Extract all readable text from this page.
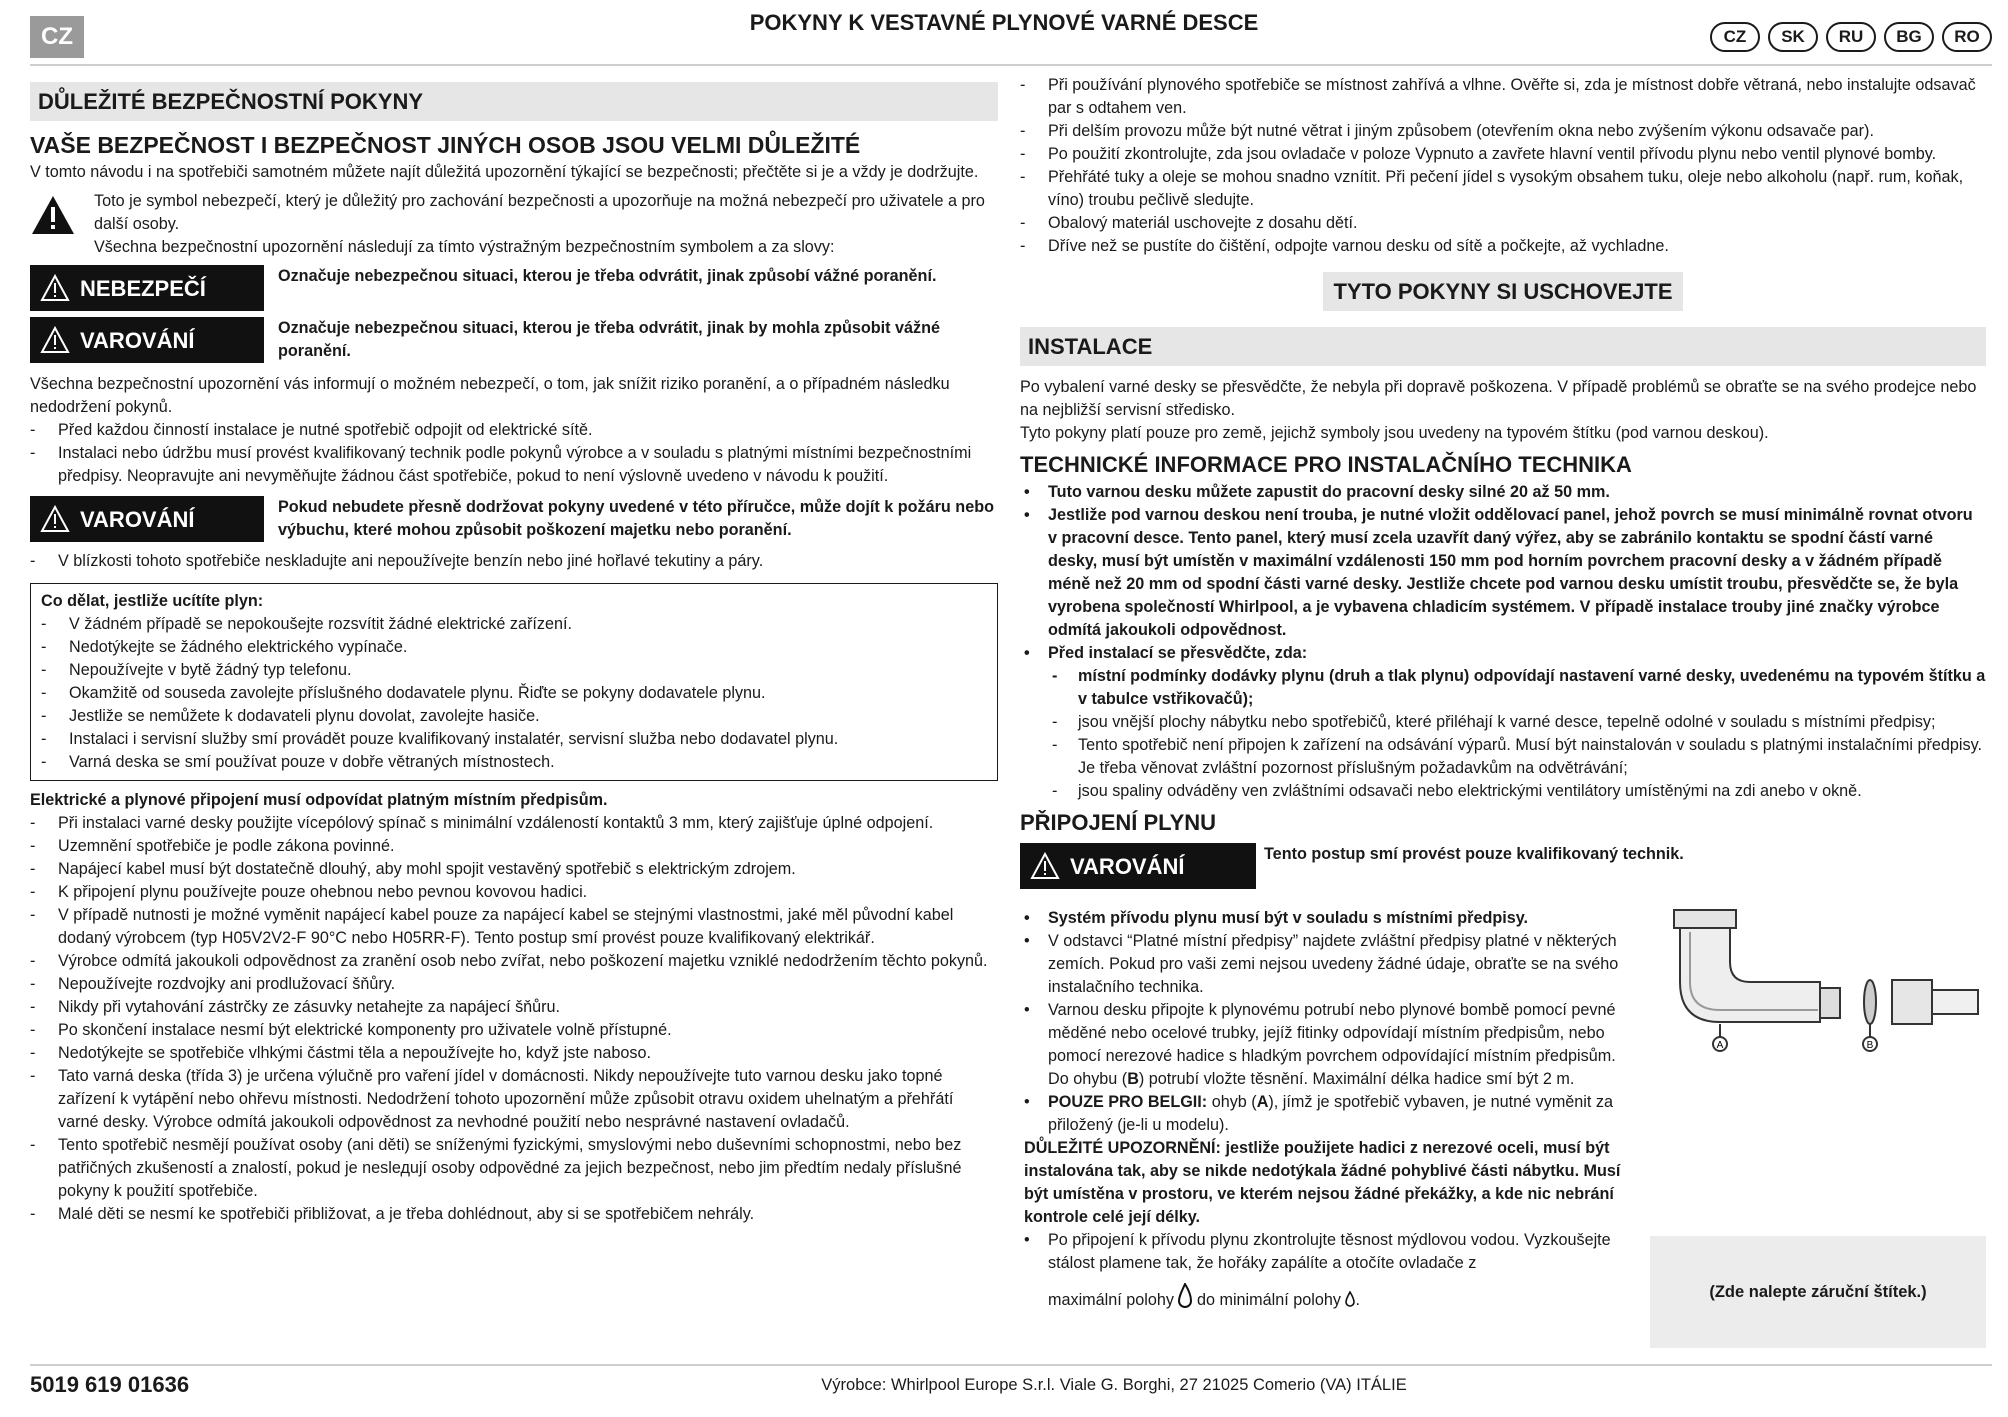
CZ
POKYNY K VESTAVNÉ PLYNOVÉ VARNÉ DESCE
CZ	SK	RU	BG	RO
DŮLEŽITÉ BEZPEČNOSTNÍ POKYNY
VAŠE BEZPEČNOST I BEZPEČNOST JINÝCH OSOB JSOU VELMI DŮLEŽITÉ

V tomto návodu i na spotřebiči samotném můžete najít důležitá upozornění týkající se bezpečnosti; přečtěte si je a vždy je dodržujte.

Toto je symbol nebezpečí, který je důležitý pro zachování bezpečnosti a upozorňuje na možná nebezpečí pro uživatele a pro další osoby.

Všechna bezpečnostní upozornění následují za tímto výstražným bezpečnostním symbolem a za slovy:

NEBEZPEČÍ	Označuje nebezpečnou situaci, kterou je třeba odvrátit, jinak způsobí vážné poranění.
VAROVÁNÍ	Označuje nebezpečnou situaci, kterou je třeba odvrátit, jinak by mohla způsobit vážné poranění.

Všechna bezpečnostní upozornění vás informují o možném nebezpečí, o tom, jak snížit riziko poranění, a o případném následku nedodržení pokynů.

- Před každou činností instalace je nutné spotřebič odpojit od elektrické sítě.

- Instalaci nebo údržbu musí provést kvalifikovaný technik podle pokynů výrobce a v souladu s platnými místními bezpečnostními předpisy. Neopravujte ani nevyměňujte žádnou část spotřebiče, pokud to není výslovně uvedeno v návodu k použití.

VAROVÁNÍ	Pokud nebudete přesně dodržovat pokyny uvedené v této příručce, může dojít k požáru nebo výbuchu, které mohou způsobit poškození majetku nebo poranění.

- V blízkosti tohoto spotřebiče neskladujte ani nepoužívejte benzín nebo jiné hořlavé tekutiny a páry.

Co dělat, jestliže ucítíte plyn:

- V žádném případě se nepokoušejte rozsvítit žádné elektrické zařízení.

- Nedotýkejte se žádného elektrického vypínače.

- Nepoužívejte v bytě žádný typ telefonu.

- Okamžitě od souseda zavolejte příslušného dodavatele plynu. Řiďte se pokyny dodavatele plynu.

- Jestliže se nemůžete k dodavateli plynu dovolat, zavolejte hasiče.

- Instalaci i servisní služby smí provádět pouze kvalifikovaný instalatér, servisní služba nebo dodavatel plynu.

- Varná deska se smí používat pouze v dobře větraných místnostech.

Elektrické a plynové připojení musí odpovídat platným místním předpisům.

- Při instalaci varné desky použijte vícepólový spínač s minimální vzdáleností kontaktů 3 mm, který zajišťuje úplné odpojení.

- Uzemnění spotřebiče je podle zákona povinné.

- Napájecí kabel musí být dostatečně dlouhý, aby mohl spojit vestavěný spotřebič s elektrickým zdrojem.

- K připojení plynu používejte pouze ohebnou nebo pevnou kovovou hadici.

- V případě nutnosti je možné vyměnit napájecí kabel pouze za napájecí kabel se stejnými vlastnostmi, jaké měl původní kabel dodaný výrobcem (typ H05V2V2-F 90°C nebo H05RR-F). Tento postup smí provést pouze kvalifikovaný elektrikář.

- Výrobce odmítá jakoukoli odpovědnost za zranění osob nebo zvířat, nebo poškození majetku vzniklé nedodržením těchto pokynů.

- Nepoužívejte rozdvojky ani prodlužovací šňůry.

- Nikdy při vytahování zástrčky ze zásuvky netahejte za napájecí šňůru.

- Po skončení instalace nesmí být elektrické komponenty pro uživatele volně přístupné.

- Nedotýkejte se spotřebiče vlhkými částmi těla a nepoužívejte ho, když jste naboso.

- Tato varná deska (třída 3) je určena výlučně pro vaření jídel v domácnosti. Nikdy nepoužívejte tuto varnou desku jako topné zařízení k vytápění nebo ohřevu místnosti. Nedodržení tohoto upozornění může způsobit otravu oxidem uhelnatým a přehřátí varné desky. Výrobce odmítá jakoukoli odpovědnost za nevhodné použití nebo nesprávné nastavení ovladačů.

- Tento spotřebič nesmějí používat osoby (ani děti) se sníženými fyzickými, smyslovými nebo duševními schopnostmi, nebo bez patřičných zkušeností a znalostí, pokud je neslедují osoby odpovědné za jejich bezpečnost, nebo jim předtím nedaly příslušné pokyny k použití spotřebiče.

- Malé děti se nesmí ke spotřebiči přibližovat, a je třeba dohlédnout, aby si se spotřebičem nehrály.

- Při používání plynového spotřebiče se místnost zahřívá a vlhne. Ověřte si, zda je místnost dobře větraná, nebo instalujte odsavač par s odtahem ven.

- Při delším provozu může být nutné větrat i jiným způsobem (otevřením okna nebo zvýšením výkonu odsavače par).

- Po použití zkontrolujte, zda jsou ovladače v poloze Vypnuto a zavřete hlavní ventil přívodu plynu nebo ventil plynové bomby.

- Přehřáté tuky a oleje se mohou snadno vznítit. Při pečení jídel s vysokým obsahem tuku, oleje nebo alkoholu (např. rum, koňak, víno) troubu pečlivě sledujte.

- Obalový materiál uschovejte z dosahu dětí.

- Dříve než se pustíte do čištění, odpojte varnou desku od sítě a počkejte, až vychladne.

TYTO POKYNY SI USCHOVEJTE
INSTALACE

Po vybalení varné desky se přesvědčte, že nebyla při dopravě poškozena. V případě problémů se obraťte se na svého prodejce nebo na nejbližší servisní středisko.

Tyto pokyny platí pouze pro země, jejichž symboly jsou uvedeny na typovém štítku (pod varnou deskou).

TECHNICKÉ INFORMACE PRO INSTALAČNÍHO TECHNIKA

• Tuto varnou desku můžete zapustit do pracovní desky silné 20 až 50 mm.

• Jestliže pod varnou deskou není trouba, je nutné vložit oddělovací panel, jehož povrch se musí minimálně rovnat otvoru v pracovní desce. Tento panel, který musí zcela uzavřít daný výřez, aby se zabránilo kontaktu se spodní částí varné desky, musí být umístěn v maximální vzdálenosti 150 mm pod horním povrchem pracovní desky a v žádném případě méně než 20 mm od spodní části varné desky. Jestliže chcete pod varnou desku umístit troubu, přesvědčte se, že byla vyrobena společností Whirlpool, a je vybavena chladicím systémem. V případě instalace trouby jiné značky výrobce odmítá jakoukoli odpovědnost.

• Před instalací se přesvědčte, zda:

- místní podmínky dodávky plynu (druh a tlak plynu) odpovídají nastavení varné desky, uvedenému na typovém štítku a v tabulce vstřikovačů);

- jsou vnější plochy nábytku nebo spotřebičů, které přiléhají k varné desce, tepelně odolné v souladu s místními předpisy;

- Tento spotřebič není připojen k zařízení na odsávání výparů. Musí být nainstalován v souladu s platnými instalačními předpisy. Je třeba věnovat zvláštní pozornost příslušným požadavkům na odvětrávání;

- jsou spaliny odváděny ven zvláštními odsavači nebo elektrickými ventilátory umístěnými na zdi anebo v okně.

PŘIPOJENÍ PLYNU
VAROVÁNÍ	Tento postup smí provést pouze kvalifikovaný technik.

• Systém přívodu plynu musí být v souladu s místními předpisy.

• V odstavci “Platné místní předpisy” najdete zvláštní předpisy platné v některých zemích. Pokud pro vaši zemi nejsou uvedeny žádné údaje, obraťte se na svého instalačního technika.

• Varnou desku připojte k plynovému potrubí nebo plynové bombě pomocí pevné měděné nebo ocelové trubky, jejíž fitinky odpovídají místním předpisům, nebo pomocí nerezové hadice s hladkým povrchem odpovídající místním předpisům. Do ohybu (B) potrubí vložte těsnění. Maximální délka hadice smí být 2 m.

• POUZE PRO BELGII: ohyb (A), jímž je spotřebič vybaven, je nutné vyměnit za přiložený (je-li u modelu).

DŮLEŽITÉ UPOZORNĚNÍ: jestliže použijete hadici z nerezové oceli, musí být instalována tak, aby se nikde nedotýkala žádné pohyblivé části nábytku. Musí být umístěna v prostoru, ve kterém nejsou žádné překážky, a kde nic nebrání kontrole celé její délky.

• Po připojení k přívodu plynu zkontrolujte těsnost mýdlovou vodou. Vyzkoušejte stálost plamene tak, že hořáky zapálíte a otočíte ovladače z

maximální polohy do minimální polohy .

A	B
(Zde nalepte záruční štítek.)
5019 619 01636	Výrobce: Whirlpool Europe S.r.l. Viale G. Borghi, 27 21025 Comerio (VA) ITÁLIE
